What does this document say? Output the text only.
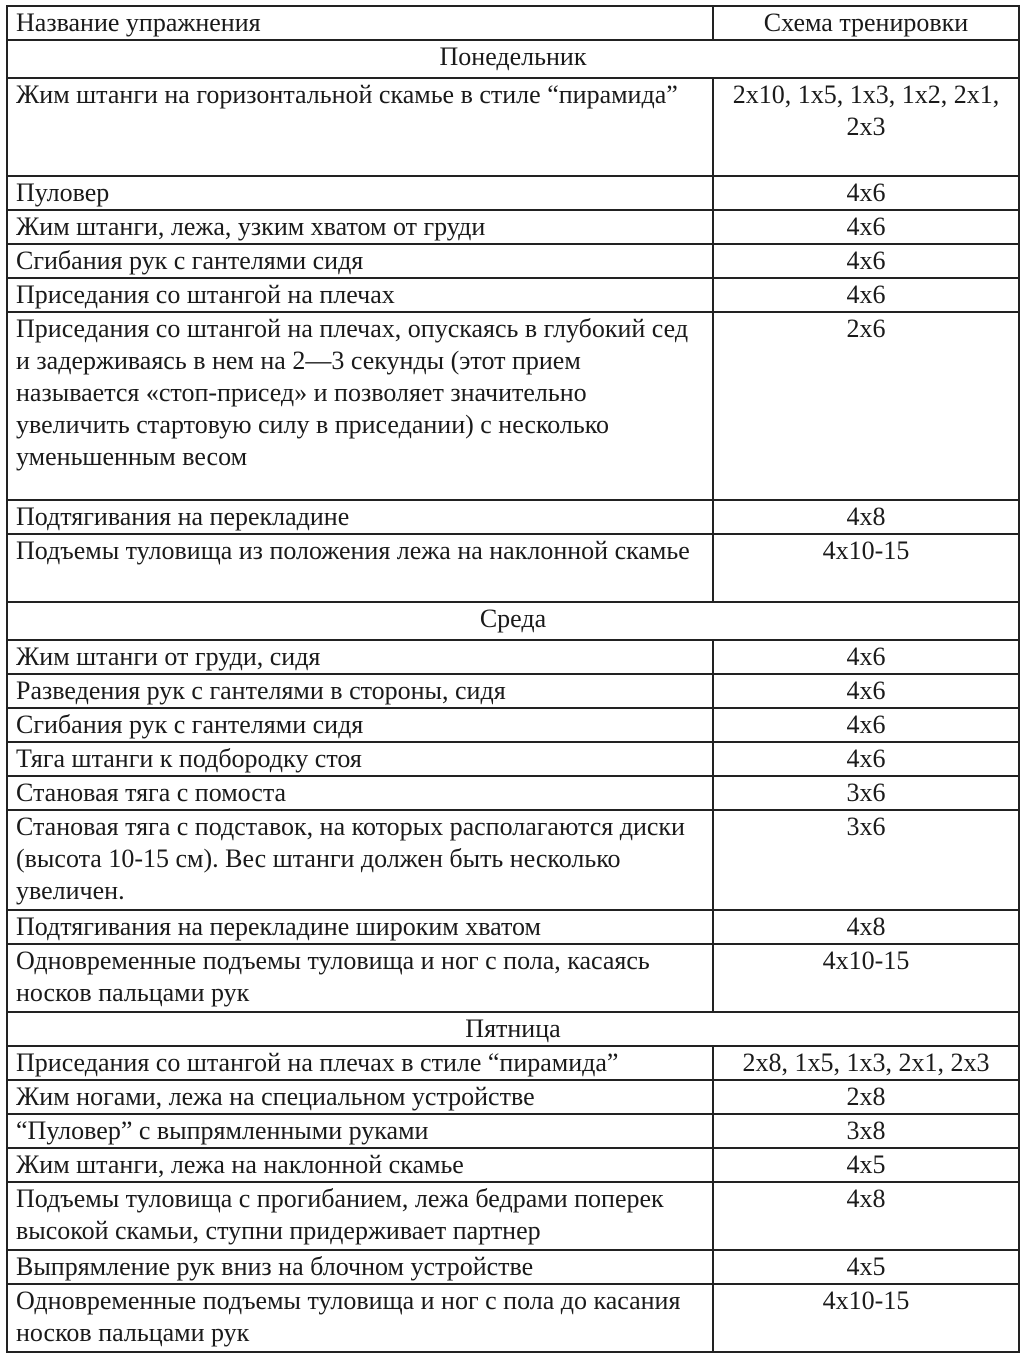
Название упражнения	Схема тренировки
Понедельник	
Жим штанги на горизонтальной скамье в стиле “пирамида”	2x10, 1x5, 1x3, 1x2, 2x1, 2x3
Пуловер	4x6
Жим штанги, лежа, узким хватом от груди	4x6
Сгибания рук с гантелями сидя	4x6
Приседания со штангой на плечах	4x6
Приседания со штангой на плечах, опускаясь в глубокий сед и задерживаясь в нем на 2—3 секунды (этот прием называется «стоп-присед» и позволяет значительно увеличить стартовую силу в приседании) с несколько уменьшенным весом	2x6
Подтягивания на перекладине	4x8
Подъемы туловища из положения лежа на наклонной скамье	4x10-15
Среда	
Жим штанги от груди, сидя	4x6
Разведения рук с гантелями в стороны, сидя	4x6
Сгибания рук с гантелями сидя	4x6
Тяга штанги к подбородку стоя	4x6
Становая тяга с помоста	3x6
Становая тяга с подставок, на которых располагаются диски (высота 10-15 см). Вес штанги должен быть несколько увеличен.	3x6
Подтягивания на перекладине широким хватом	4x8
Одновременные подъемы туловища и ног с пола, касаясь носков пальцами рук	4x10-15
Пятница	
Приседания со штангой на плечах в стиле “пирамида”	2x8, 1x5, 1x3, 2x1, 2x3
Жим ногами, лежа на специальном устройстве	2x8
“Пуловер” с выпрямленными руками	3x8
Жим штанги, лежа на наклонной скамье	4x5
Подъемы туловища с прогибанием, лежа бедрами поперек высокой скамьи, ступни придерживает партнер	4x8
Выпрямление рук вниз на блочном устройстве	4x5
Одновременные подъемы туловища и ног с пола до касания носков пальцами рук	4x10-15
